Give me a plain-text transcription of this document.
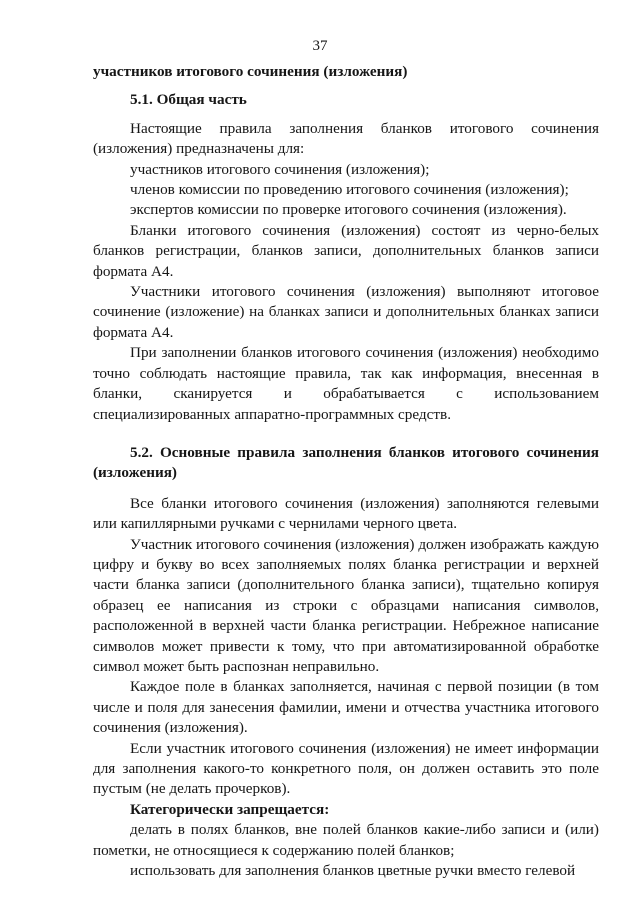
37

участников итогового сочинения (изложения)

5.1. Общая часть

Настоящие правила заполнения бланков итогового сочинения (изложения) предназначены для:

участников итогового сочинения (изложения);

членов комиссии по проведению итогового сочинения (изложения);

экспертов комиссии по проверке итогового сочинения (изложения).

Бланки итогового сочинения (изложения) состоят из черно-белых бланков регистрации, бланков записи, дополнительных бланков записи формата А4.

Участники итогового сочинения (изложения) выполняют итоговое сочинение (изложение) на бланках записи и дополнительных бланках записи формата А4.

При заполнении бланков итогового сочинения (изложения) необходимо точно соблюдать настоящие правила, так как информация, внесенная в бланки, сканируется и обрабатывается с использованием специализированных аппаратно-программных средств.

5.2. Основные правила заполнения бланков итогового сочинения (изложения)

Все бланки итогового сочинения (изложения) заполняются гелевыми или капиллярными ручками с чернилами черного цвета.

Участник итогового сочинения (изложения) должен изображать каждую цифру и букву во всех заполняемых полях бланка регистрации и верхней части бланка записи (дополнительного бланка записи), тщательно копируя образец ее написания из строки с образцами написания символов, расположенной в верхней части бланка регистрации. Небрежное написание символов может привести к тому, что при автоматизированной обработке символ может быть распознан неправильно.

Каждое поле в бланках заполняется, начиная с первой позиции (в том числе и поля для занесения фамилии, имени и отчества участника итогового сочинения (изложения).

Если участник итогового сочинения (изложения) не имеет информации для заполнения какого-то конкретного поля, он должен оставить это поле пустым (не делать прочерков).

Категорически запрещается:

делать в полях бланков, вне полей бланков какие-либо записи и (или) пометки, не относящиеся к содержанию полей бланков;

использовать для заполнения бланков цветные ручки вместо гелевой
